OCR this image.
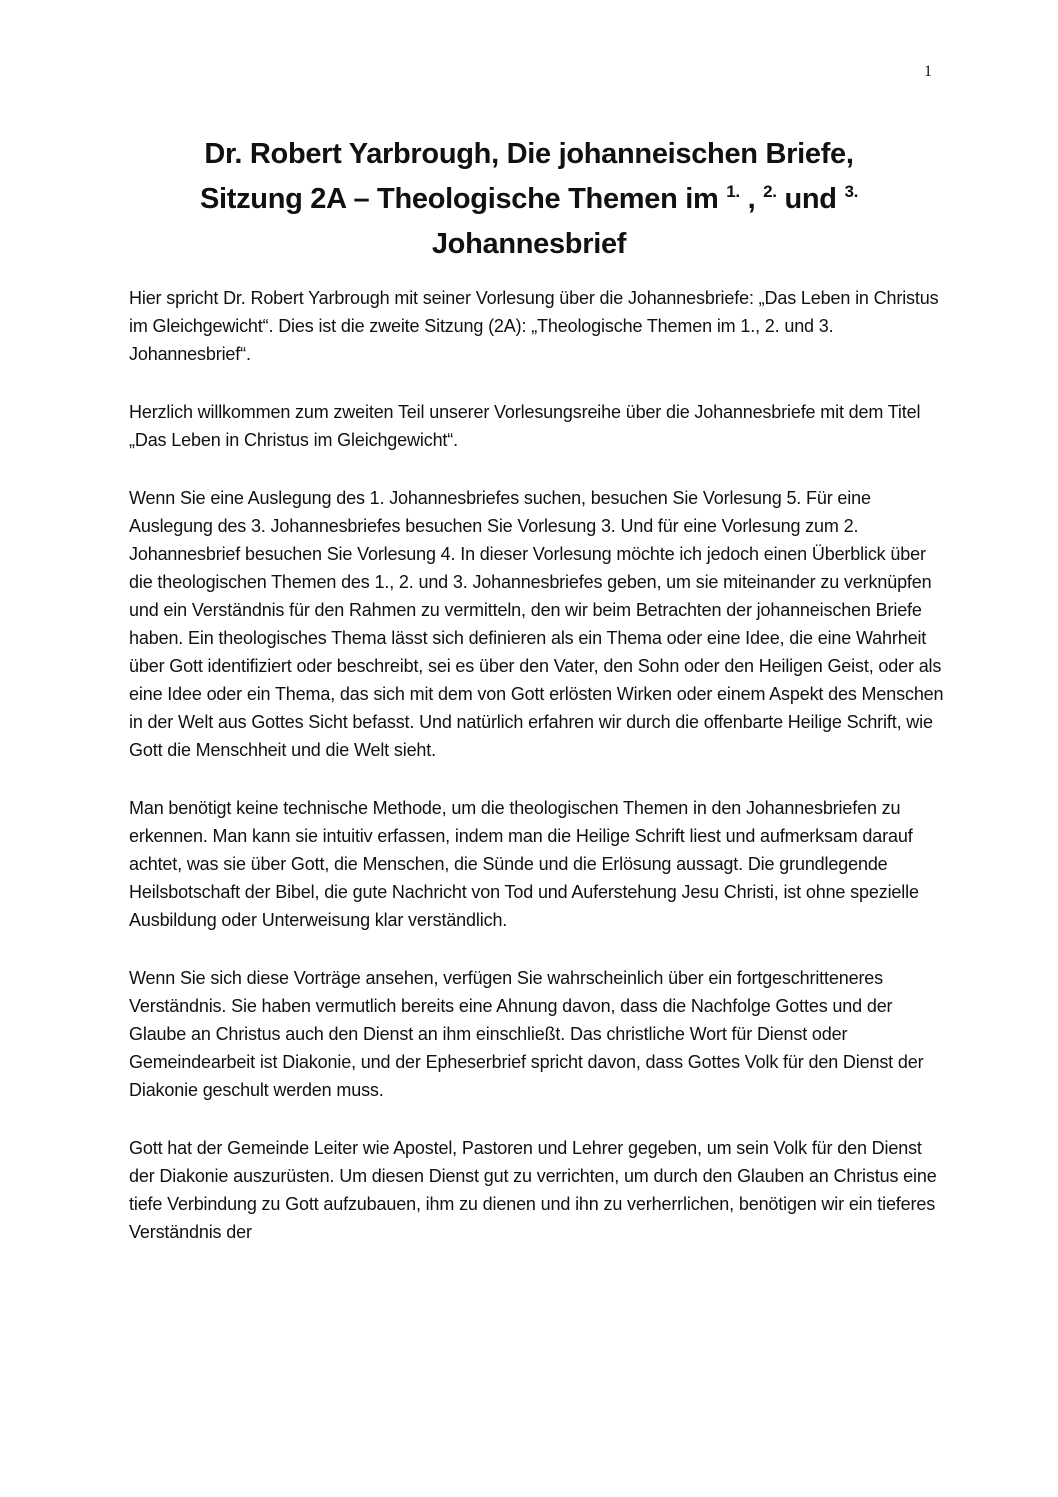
1
Dr. Robert Yarbrough, Die johanneischen Briefe,
Sitzung 2A – Theologische Themen im $^{1.}$ , $^{2.}$ und $^{3.}$
Johannesbrief

Hier spricht Dr. Robert Yarbrough mit seiner Vorlesung über die Johannesbriefe: „Das Leben in Christus im Gleichgewicht“. Dies ist die zweite Sitzung (2A): „Theologische Themen im 1., 2. und 3. Johannesbrief“.

Herzlich willkommen zum zweiten Teil unserer Vorlesungsreihe über die Johannesbriefe mit dem Titel „Das Leben in Christus im Gleichgewicht“.

Wenn Sie eine Auslegung des 1. Johannesbriefes suchen, besuchen Sie Vorlesung 5. Für eine Auslegung des 3. Johannesbriefes besuchen Sie Vorlesung 3. Und für eine Vorlesung zum 2. Johannesbrief besuchen Sie Vorlesung 4. In dieser Vorlesung möchte ich jedoch einen Überblick über die theologischen Themen des 1., 2. und 3. Johannesbriefes geben, um sie miteinander zu verknüpfen und ein Verständnis für den Rahmen zu vermitteln, den wir beim Betrachten der johanneischen Briefe haben. Ein theologisches Thema lässt sich definieren als ein Thema oder eine Idee, die eine Wahrheit über Gott identifiziert oder beschreibt, sei es über den Vater, den Sohn oder den Heiligen Geist, oder als eine Idee oder ein Thema, das sich mit dem von Gott erlösten Wirken oder einem Aspekt des Menschen in der Welt aus Gottes Sicht befasst. Und natürlich erfahren wir durch die offenbarte Heilige Schrift, wie Gott die Menschheit und die Welt sieht.

Man benötigt keine technische Methode, um die theologischen Themen in den Johannesbriefen zu erkennen. Man kann sie intuitiv erfassen, indem man die Heilige Schrift liest und aufmerksam darauf achtet, was sie über Gott, die Menschen, die Sünde und die Erlösung aussagt. Die grundlegende Heilsbotschaft der Bibel, die gute Nachricht von Tod und Auferstehung Jesu Christi, ist ohne spezielle Ausbildung oder Unterweisung klar verständlich.

Wenn Sie sich diese Vorträge ansehen, verfügen Sie wahrscheinlich über ein fortgeschritteneres Verständnis. Sie haben vermutlich bereits eine Ahnung davon, dass die Nachfolge Gottes und der Glaube an Christus auch den Dienst an ihm einschließt. Das christliche Wort für Dienst oder Gemeindearbeit ist Diakonie, und der Epheserbrief spricht davon, dass Gottes Volk für den Dienst der Diakonie geschult werden muss.

Gott hat der Gemeinde Leiter wie Apostel, Pastoren und Lehrer gegeben, um sein Volk für den Dienst der Diakonie auszurüsten. Um diesen Dienst gut zu verrichten, um durch den Glauben an Christus eine tiefe Verbindung zu Gott aufzubauen, ihm zu dienen und ihn zu verherrlichen, benötigen wir ein tieferes Verständnis der
